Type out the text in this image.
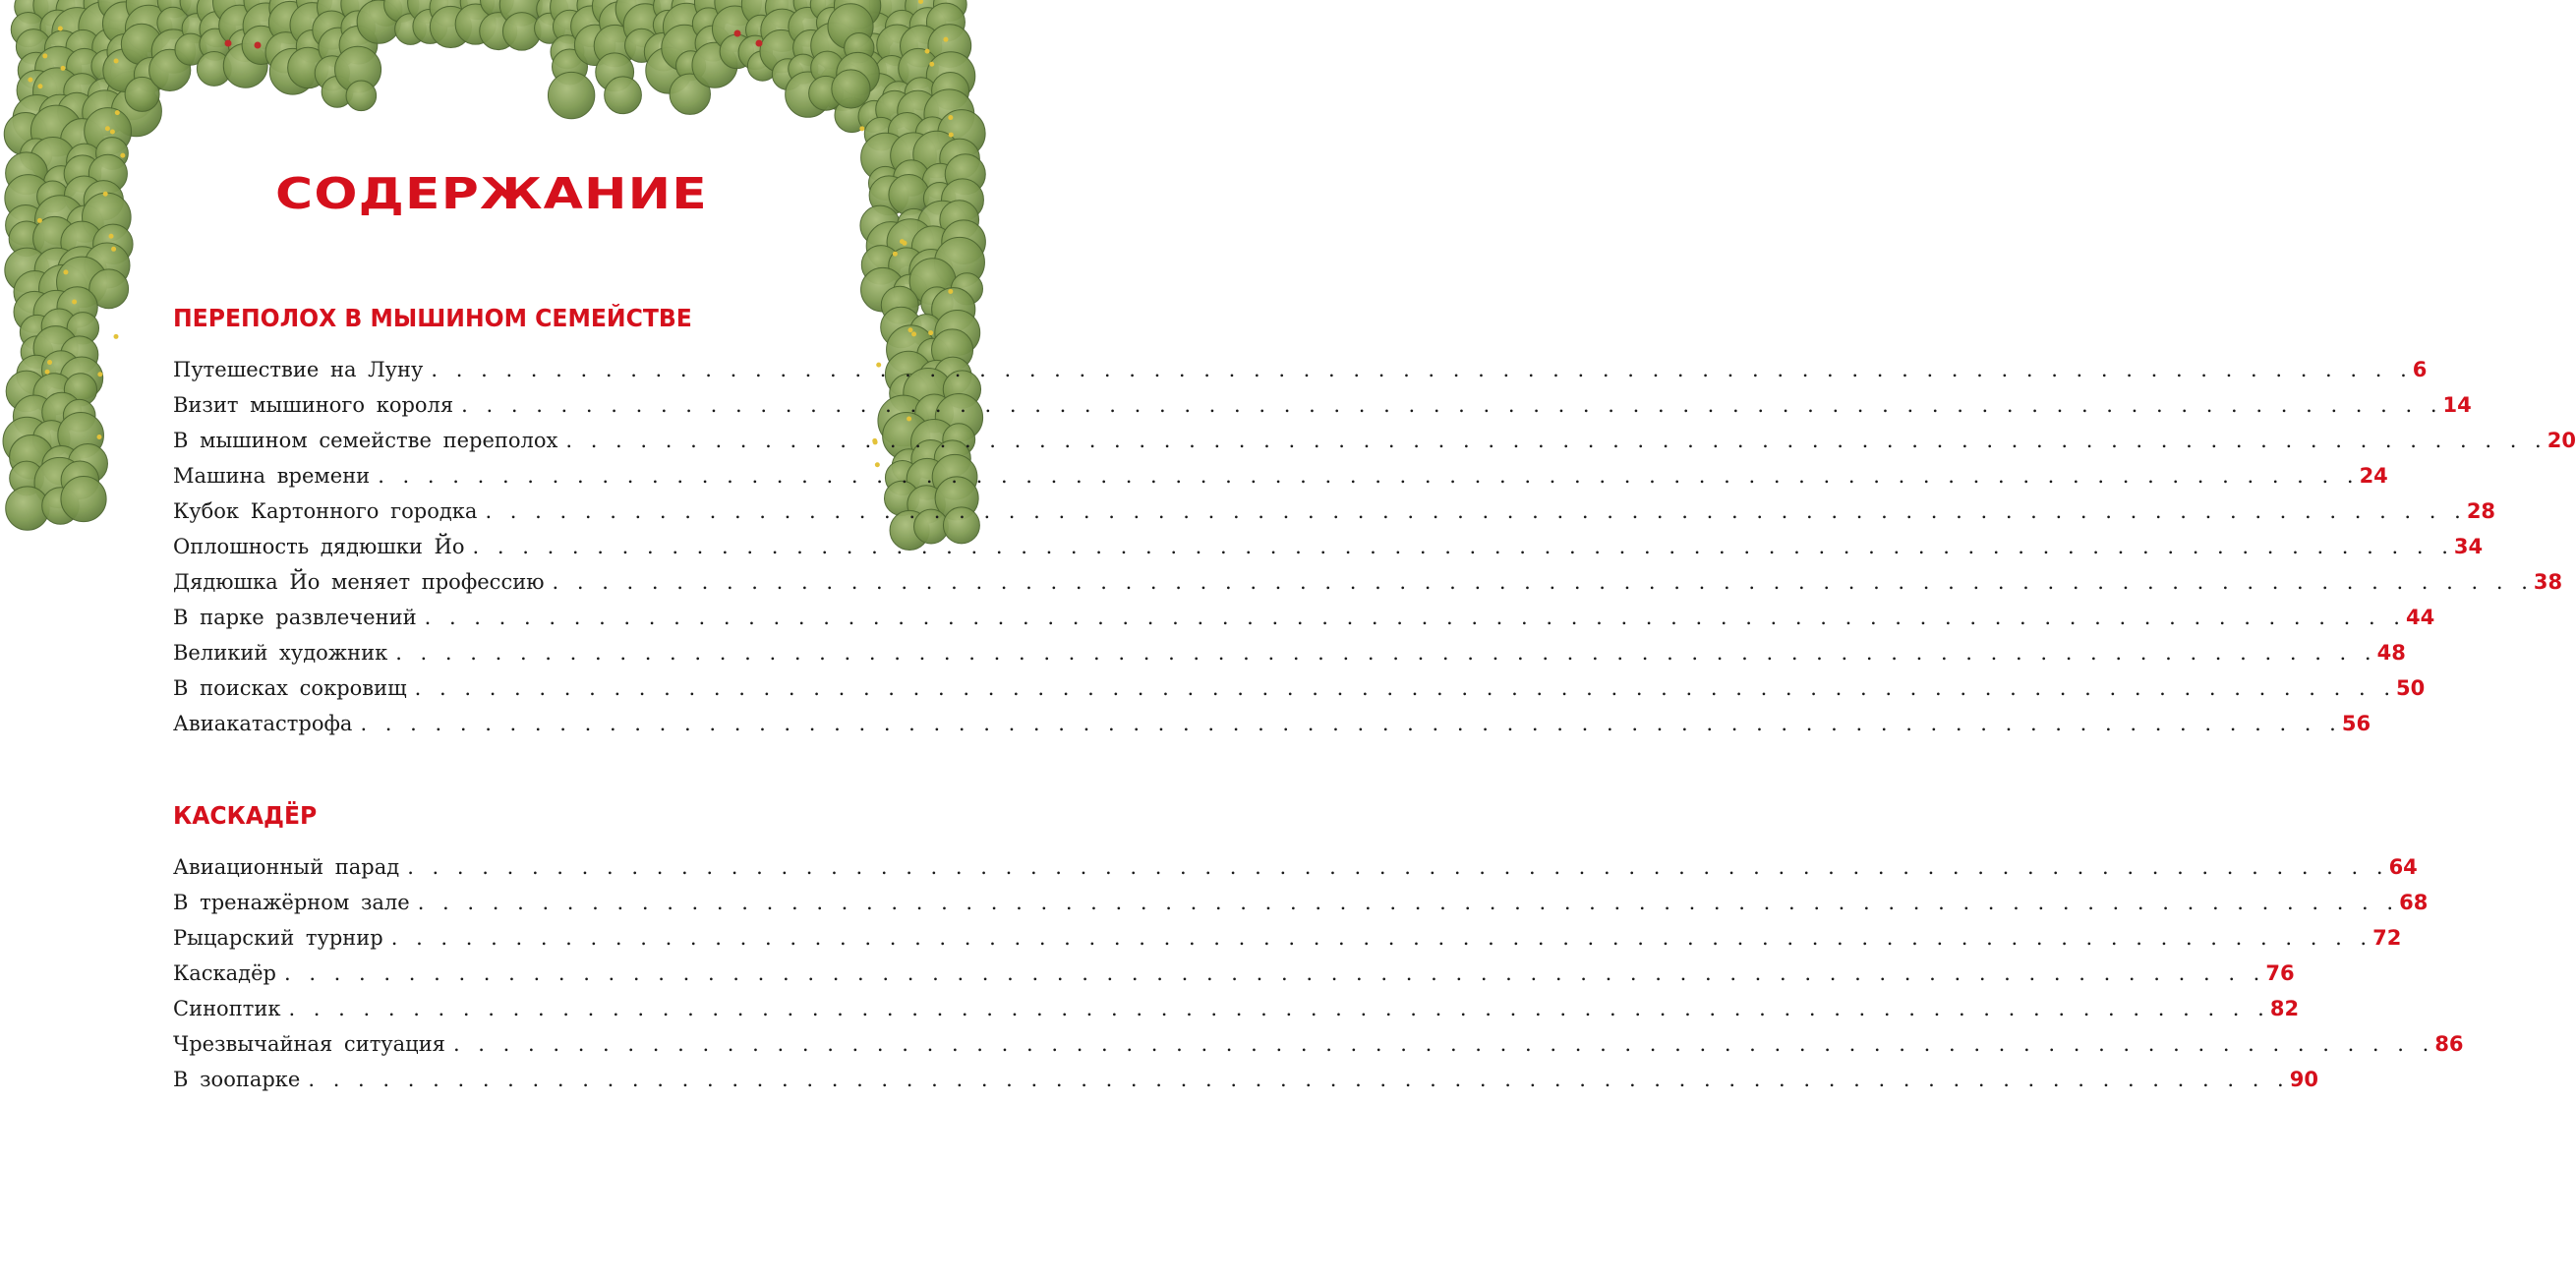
СОДЕРЖАНИЕ
ПЕРЕПОЛОХ В МЫШИНОМ СЕМЕЙСТВЕ
Путешествие на Луну . . . . . . . . . . . . . . . . . . . . . . . . . . . . . . . . . . . . . . . . . . . . . . . . . . . . . . . . . . . . . . . . . . . . . . . . . . . . . . . . 6
Визит мышиного короля . . . . . . . . . . . . . . . . . . . . . . . . . . . . . . . . . . . . . . . . . . . . . . . . . . . . . . . . . . . . . . . . . . . . . . . . . . . . . . . . 14
В мышином семействе переполох . . . . . . . . . . . . . . . . . . . . . . . . . . . . . . . . . . . . . . . . . . . . . . . . . . . . . . . . . . . . . . . . . . . . . . . . . . . . . . . . 20
Машина времени . . . . . . . . . . . . . . . . . . . . . . . . . . . . . . . . . . . . . . . . . . . . . . . . . . . . . . . . . . . . . . . . . . . . . . . . . . . . . . . . 24
Кубок Картонного городка . . . . . . . . . . . . . . . . . . . . . . . . . . . . . . . . . . . . . . . . . . . . . . . . . . . . . . . . . . . . . . . . . . . . . . . . . . . . . . . . 28
Оплошность дядюшки Йо . . . . . . . . . . . . . . . . . . . . . . . . . . . . . . . . . . . . . . . . . . . . . . . . . . . . . . . . . . . . . . . . . . . . . . . . . . . . . . . . 34
Дядюшка Йо меняет профессию . . . . . . . . . . . . . . . . . . . . . . . . . . . . . . . . . . . . . . . . . . . . . . . . . . . . . . . . . . . . . . . . . . . . . . . . . . . . . . . . 38
В парке развлечений . . . . . . . . . . . . . . . . . . . . . . . . . . . . . . . . . . . . . . . . . . . . . . . . . . . . . . . . . . . . . . . . . . . . . . . . . . . . . . . . 44
Великий художник . . . . . . . . . . . . . . . . . . . . . . . . . . . . . . . . . . . . . . . . . . . . . . . . . . . . . . . . . . . . . . . . . . . . . . . . . . . . . . . . 48
В поисках сокровищ . . . . . . . . . . . . . . . . . . . . . . . . . . . . . . . . . . . . . . . . . . . . . . . . . . . . . . . . . . . . . . . . . . . . . . . . . . . . . . . . 50
Авиакатастрофа . . . . . . . . . . . . . . . . . . . . . . . . . . . . . . . . . . . . . . . . . . . . . . . . . . . . . . . . . . . . . . . . . . . . . . . . . . . . . . . . 56
КАСКАДЁР
Авиационный парад . . . . . . . . . . . . . . . . . . . . . . . . . . . . . . . . . . . . . . . . . . . . . . . . . . . . . . . . . . . . . . . . . . . . . . . . . . . . . . . . 64
В тренажёрном зале . . . . . . . . . . . . . . . . . . . . . . . . . . . . . . . . . . . . . . . . . . . . . . . . . . . . . . . . . . . . . . . . . . . . . . . . . . . . . . . . 68
Рыцарский турнир . . . . . . . . . . . . . . . . . . . . . . . . . . . . . . . . . . . . . . . . . . . . . . . . . . . . . . . . . . . . . . . . . . . . . . . . . . . . . . . . 72
Каскадёр . . . . . . . . . . . . . . . . . . . . . . . . . . . . . . . . . . . . . . . . . . . . . . . . . . . . . . . . . . . . . . . . . . . . . . . . . . . . . . . . 76
Синоптик . . . . . . . . . . . . . . . . . . . . . . . . . . . . . . . . . . . . . . . . . . . . . . . . . . . . . . . . . . . . . . . . . . . . . . . . . . . . . . . . 82
Чрезвычайная ситуация . . . . . . . . . . . . . . . . . . . . . . . . . . . . . . . . . . . . . . . . . . . . . . . . . . . . . . . . . . . . . . . . . . . . . . . . . . . . . . . . 86
В зоопарке . . . . . . . . . . . . . . . . . . . . . . . . . . . . . . . . . . . . . . . . . . . . . . . . . . . . . . . . . . . . . . . . . . . . . . . . . . . . . . . . 90
